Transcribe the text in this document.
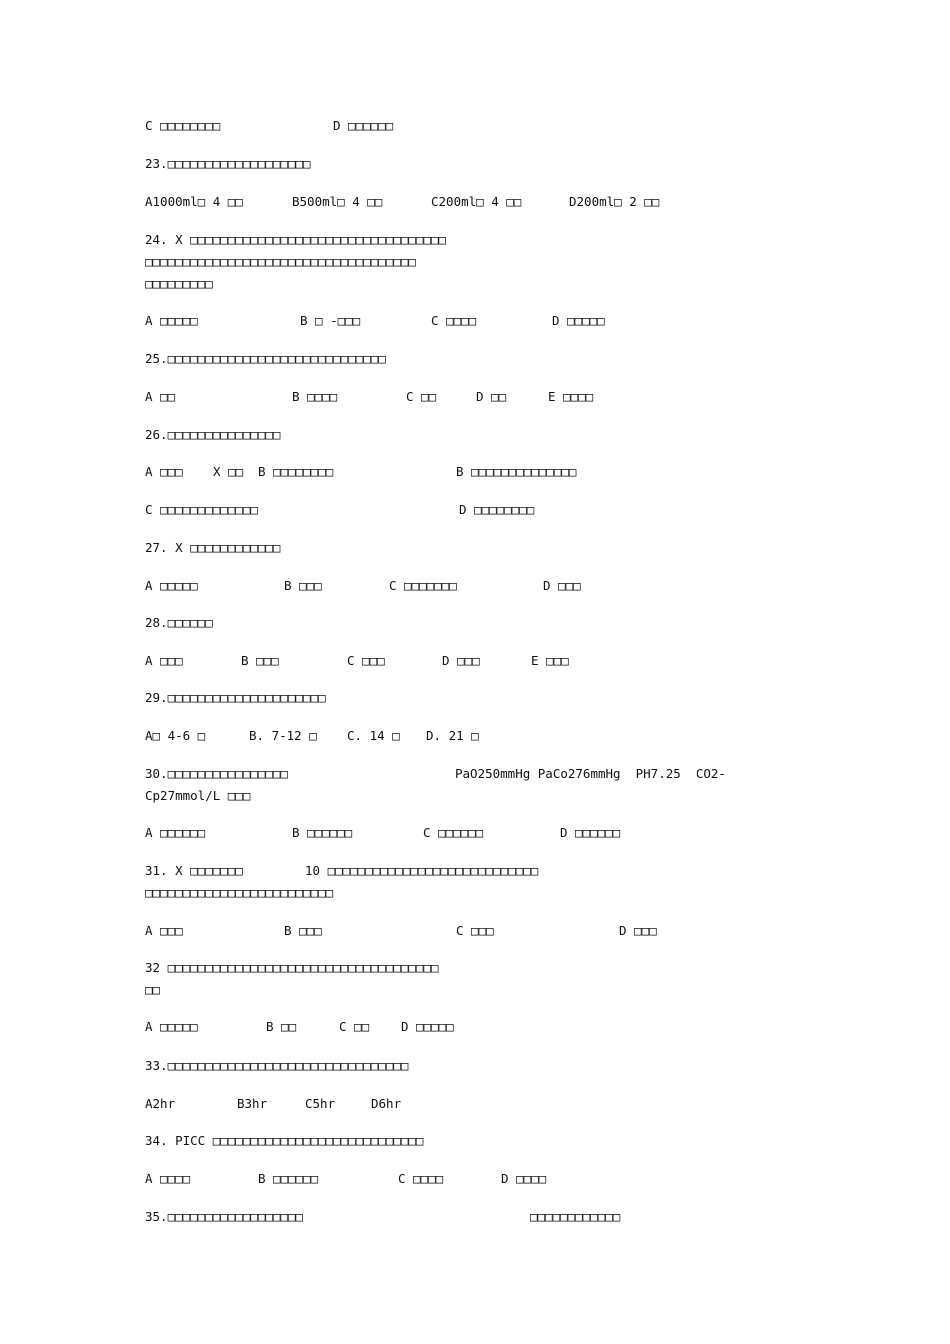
C □□□□□□□□	D □□□□□□
23.□□□□□□□□□□□□□□□□□□□
A1000ml□ 4 □□	B500ml□ 4 □□	C200ml□ 4 □□	D200ml□ 2 □□
24. X □□□□□□□□□□□□□□□□□□□□□□□□□□□□□□□□□□
□□□□□□□□□□□□□□□□□□□□□□□□□□□□□□□□□□□□
□□□□□□□□□
A □□□□□	B □ -□□□	C □□□□	D □□□□□
25.□□□□□□□□□□□□□□□□□□□□□□□□□□□□□
A □□	B □□□□	C □□	D □□	E □□□□
26.□□□□□□□□□□□□□□□
A □□□ X □□ B □□□□□□□□	B □□□□□□□□□□□□□□
C □□□□□□□□□□□□□	D □□□□□□□□
27. X □□□□□□□□□□□□
A □□□□□	B □□□	C □□□□□□□	D □□□
28.□□□□□□
A □□□	B □□□	C □□□	D □□□	E □□□
29.□□□□□□□□□□□□□□□□□□□□□
A□ 4-6 □	B. 7-12 □ C. 14 □ D. 21 □
30.□□□□□□□□□□□□□□□□	PaO250mmHg PaCo276mmHg  PH7.25  CO2-
Cp27mmol/L □□□
A □□□□□□	B □□□□□□	C □□□□□□	D □□□□□□
31. X □□□□□□□	10 □□□□□□□□□□□□□□□□□□□□□□□□□□□□
□□□□□□□□□□□□□□□□□□□□□□□□□
A □□□	B □□□	C □□□	D □□□
32 □□□□□□□□□□□□□□□□□□□□□□□□□□□□□□□□□□□□
□□
A □□□□□	B □□	C □□	D □□□□□
33.□□□□□□□□□□□□□□□□□□□□□□□□□□□□□□□□
A2hr	B3hr	C5hr	D6hr
34. PICC □□□□□□□□□□□□□□□□□□□□□□□□□□□□
A □□□□	B □□□□□□	C □□□□	D □□□□
35.□□□□□□□□□□□□□□□□□□	□□□□□□□□□□□□
